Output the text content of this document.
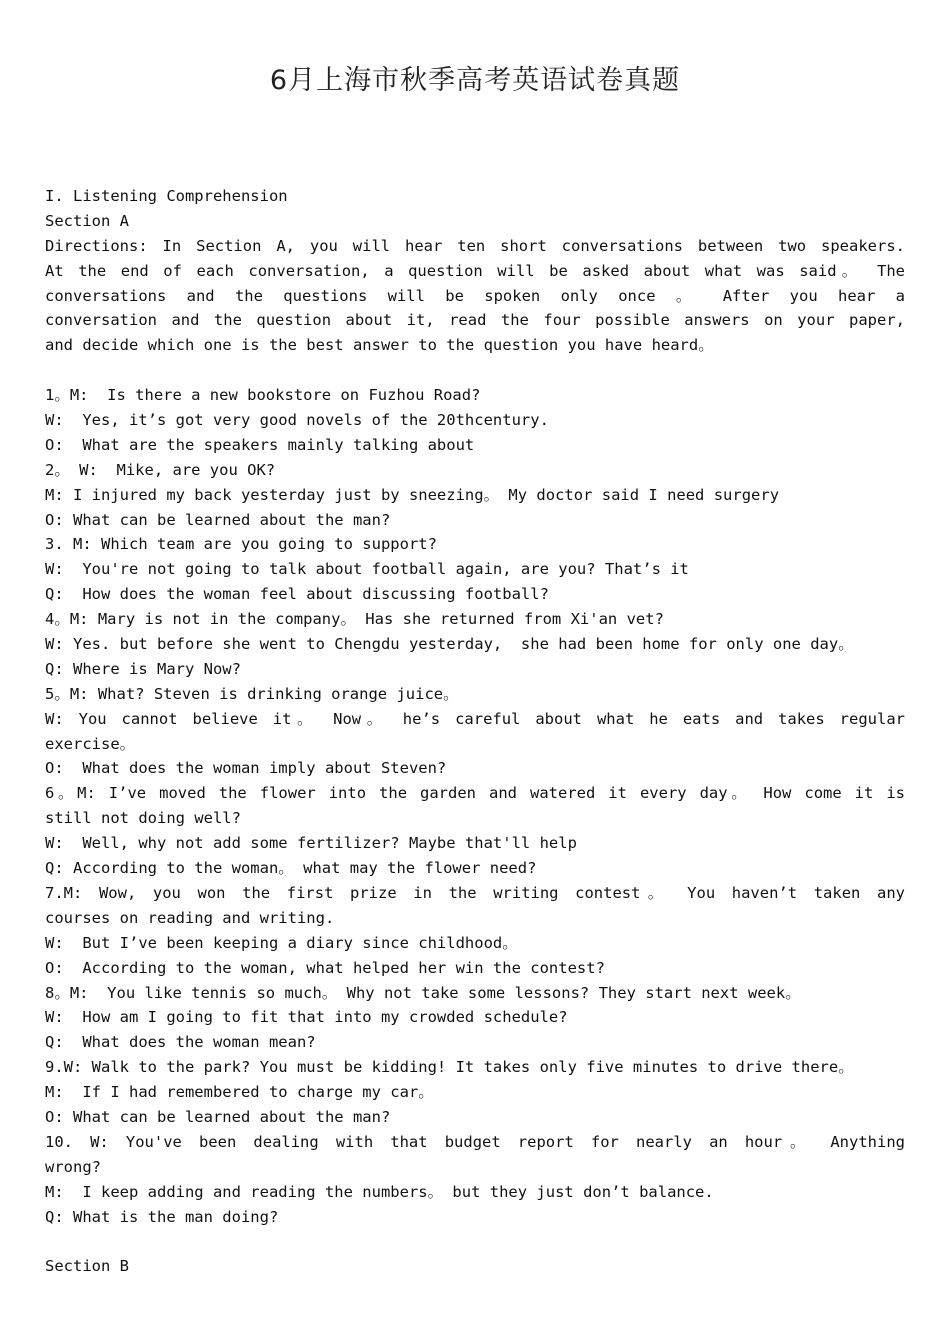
6月上海市秋季高考英语试卷真题
I. Listening Comprehension
Section A
Directions: In Section A, you will hear ten short conversations between two speakers.
At the end of each conversation, a question will be asked about what was said。 The
conversations and the questions will be spoken only once 。 After you hear a
conversation and the question about it, read the four possible answers on your paper,
and decide which one is the best answer to the question you have heard。
1。M:  Is there a new bookstore on Fuzhou Road?
W:  Yes, it’s got very good novels of the 20thcentury.
O:  What are the speakers mainly talking about
2。 W:  Mike, are you OK?
M: I injured my back yesterday just by sneezing。 My doctor said I need surgery
O: What can be learned about the man?
3. M: Which team are you going to support?
W:  You're not going to talk about football again, are you? That’s it
Q:  How does the woman feel about discussing football?
4。M: Mary is not in the company。 Has she returned from Xi'an vet?
W: Yes. but before she went to Chengdu yesterday,  she had been home for only one day。
Q: Where is Mary Now?
5。M: What? Steven is drinking orange juice。
W: You cannot believe it。 Now。 he’s careful about what he eats and takes regular
exercise。
O:  What does the woman imply about Steven?
6。M: I’ve moved the flower into the garden and watered it every day。 How come it is
still not doing well?
W:  Well, why not add some fertilizer? Maybe that'll help
Q: According to the woman。 what may the flower need?
7.M: Wow, you won the first prize in the writing contest。 You haven’t taken any
courses on reading and writing.
W:  But I’ve been keeping a diary since childhood。
O:  According to the woman, what helped her win the contest?
8。M:  You like tennis so much。 Why not take some lessons? They start next week。
W:  How am I going to fit that into my crowded schedule?
Q:  What does the woman mean?
9.W: Walk to the park? You must be kidding! It takes only five minutes to drive there。
M:  If I had remembered to charge my car。
O: What can be learned about the man?
10. W: You've been dealing with that budget report for nearly an hour。 Anything
wrong?
M:  I keep adding and reading the numbers。 but they just don’t balance.
Q: What is the man doing?
Section B
